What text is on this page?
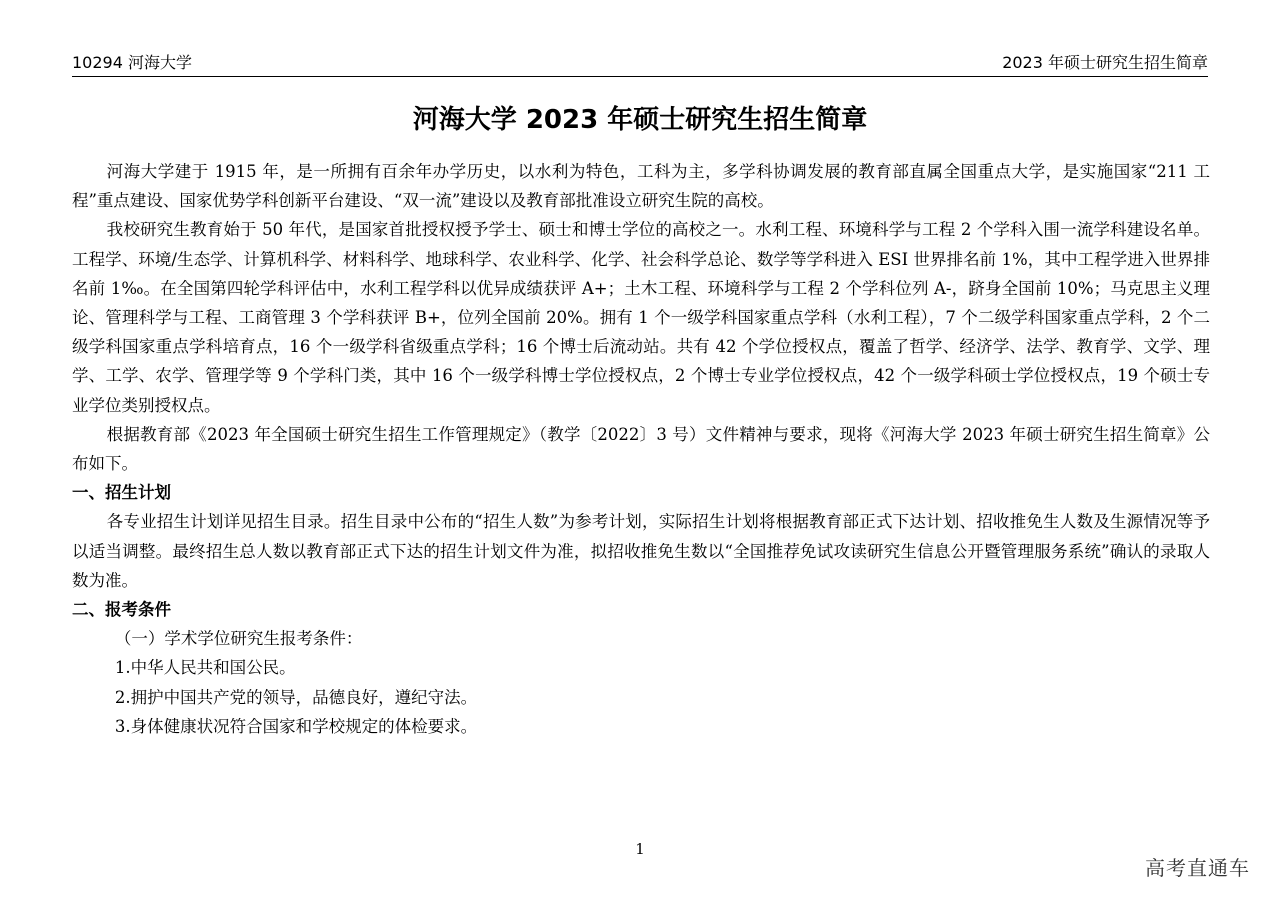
10294 河海大学	2023 年硕士研究生招生简章
河海大学 2023 年硕士研究生招生简章

河海大学建于 1915 年，是一所拥有百余年办学历史，以水利为特色，工科为主，多学科协调发展的教育部直属全国重点大学，是实施国家“211 工程”重点建设、国家优势学科创新平台建设、“双一流”建设以及教育部批准设立研究生院的高校。

我校研究生教育始于 50 年代，是国家首批授权授予学士、硕士和博士学位的高校之一。水利工程、环境科学与工程 2 个学科入围一流学科建设名单。工程学、环境/生态学、计算机科学、材料科学、地球科学、农业科学、化学、社会科学总论、数学等学科进入 ESI 世界排名前 1%，其中工程学进入世界排名前 1‰。在全国第四轮学科评估中，水利工程学科以优异成绩获评 A+；土木工程、环境科学与工程 2 个学科位列 A-，跻身全国前 10%；马克思主义理论、管理科学与工程、工商管理 3 个学科获评 B+，位列全国前 20%。拥有 1 个一级学科国家重点学科（水利工程），7 个二级学科国家重点学科，2 个二级学科国家重点学科培育点，16 个一级学科省级重点学科；16 个博士后流动站。共有 42 个学位授权点，覆盖了哲学、经济学、法学、教育学、文学、理学、工学、农学、管理学等 9 个学科门类，其中 16 个一级学科博士学位授权点，2 个博士专业学位授权点，42 个一级学科硕士学位授权点，19 个硕士专业学位类别授权点。

根据教育部《2023 年全国硕士研究生招生工作管理规定》（教学〔2022〕3 号）文件精神与要求，现将《河海大学 2023 年硕士研究生招生简章》公布如下。

一、招生计划

各专业招生计划详见招生目录。招生目录中公布的“招生人数”为参考计划，实际招生计划将根据教育部正式下达计划、招收推免生人数及生源情况等予以适当调整。最终招生总人数以教育部正式下达的招生计划文件为准，拟招收推免生数以“全国推荐免试攻读研究生信息公开暨管理服务系统”确认的录取人数为准。

二、报考条件

（一）学术学位研究生报考条件：

1.中华人民共和国公民。

2.拥护中国共产党的领导，品德良好，遵纪守法。

3.身体健康状况符合国家和学校规定的体检要求。

1
高考直通车
